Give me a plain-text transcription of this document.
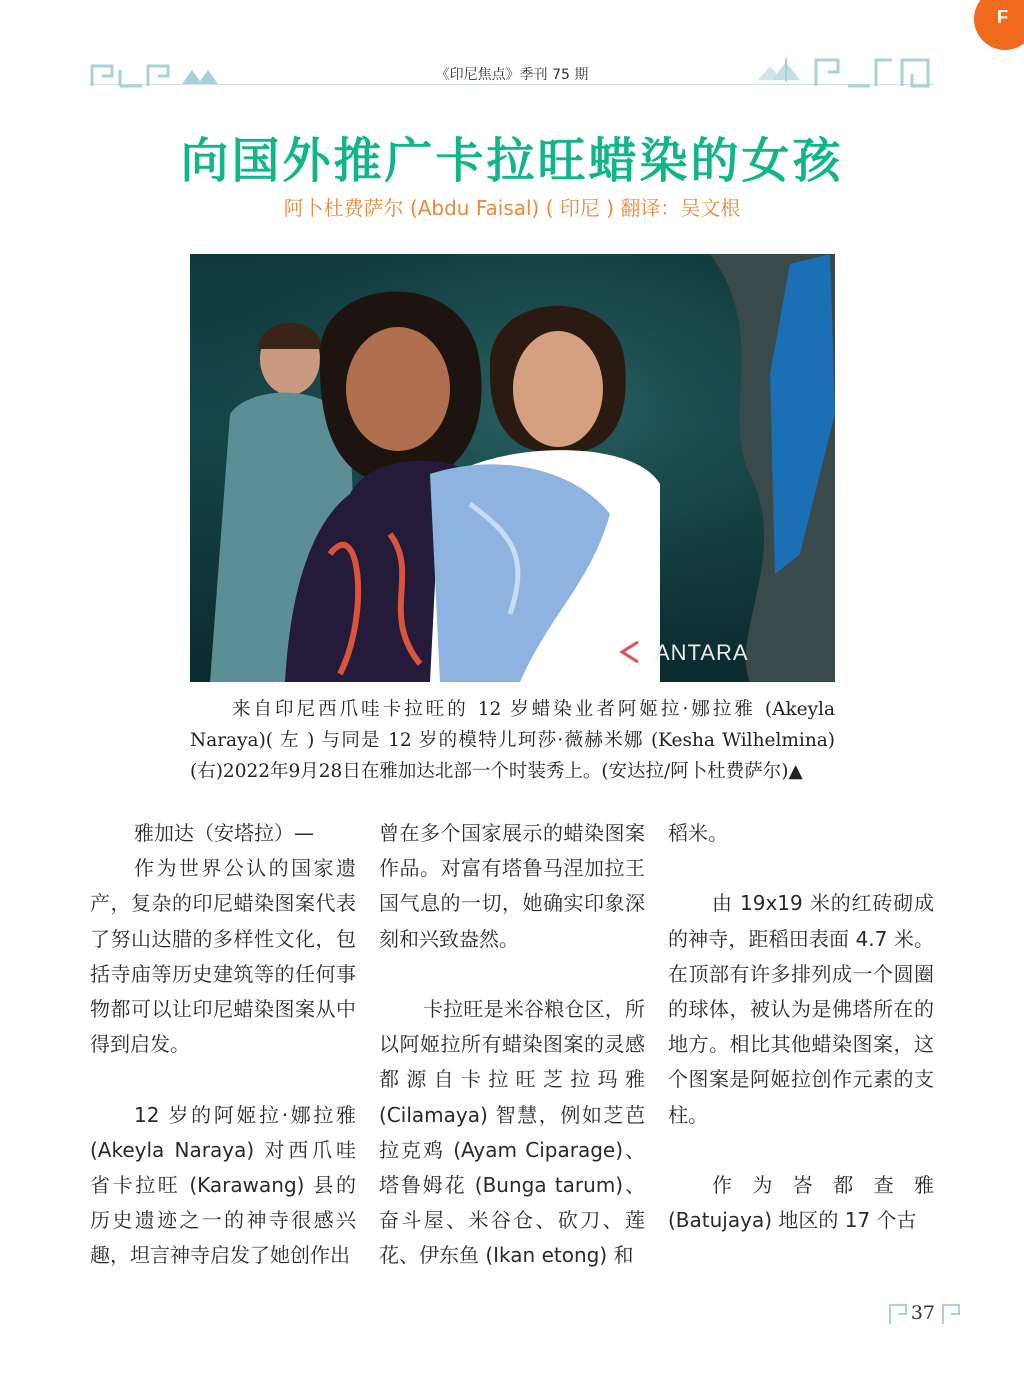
F
《印尼焦点》季刊 75 期
向国外推广卡拉旺蜡染的女孩
阿卜杜费萨尔 (Abdu Faisal) ( 印尼 ) 翻译：吴文根
ANTARA
来自印尼西爪哇卡拉旺的 12 岁蜡染业者阿姬拉·娜拉雅 (Akeyla Naraya)( 左 ) 与同是 12 岁的模特儿珂莎·薇赫米娜 (Kesha Wilhelmina)(右)2022年9月28日在雅加达北部一个时装秀上。(安达拉/阿卜杜费萨尔)▲

雅加达（安塔拉）—

作为世界公认的国家遗产，复杂的印尼蜡染图案代表了努山达腊的多样性文化，包括寺庙等历史建筑等的任何事物都可以让印尼蜡染图案从中得到启发。

12 岁的阿姬拉·娜拉雅 (Akeyla Naraya) 对西爪哇省卡拉旺 (Karawang) 县的历史遗迹之一的神寺很感兴趣，坦言神寺启发了她创作出

曾在多个国家展示的蜡染图案作品。对富有塔鲁马涅加拉王国气息的一切，她确实印象深刻和兴致盎然。

卡拉旺是米谷粮仓区，所以阿姬拉所有蜡染图案的灵感都源自卡拉旺芝拉玛雅 (Cilamaya) 智慧，例如芝芭拉克鸡 (Ayam Ciparage)、塔鲁姆花 (Bunga tarum)、奋斗屋、米谷仓、砍刀、莲花、伊东鱼 (Ikan etong) 和

稻米。

由 19x19 米的红砖砌成的神寺，距稻田表面 4.7 米。在顶部有许多排列成一个圆圈的球体，被认为是佛塔所在的地方。相比其他蜡染图案，这个图案是阿姬拉创作元素的支柱。

作为峇都查雅 (Batujaya) 地区的 17 个古

37
